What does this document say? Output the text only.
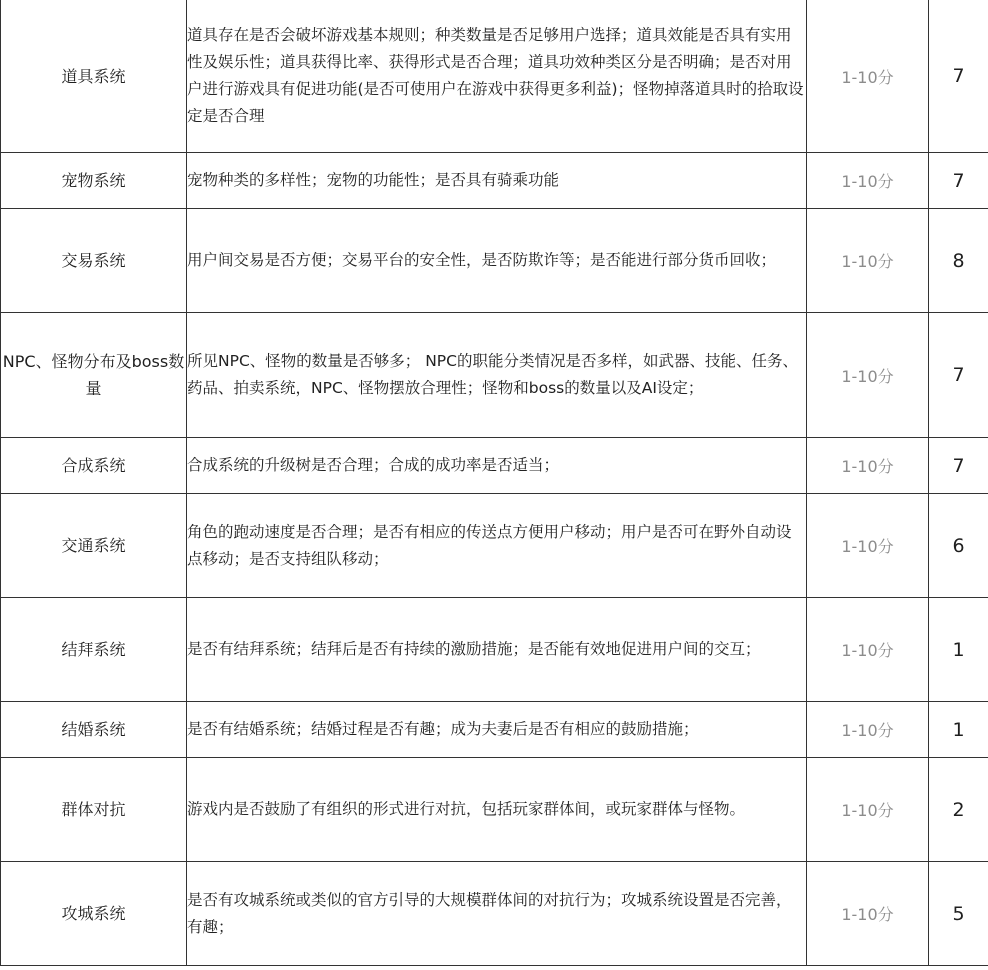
道具系统	道具存在是否会破坏游戏基本规则；种类数量是否足够用户选择；道具效能是否具有实用性及娱乐性；道具获得比率、获得形式是否合理；道具功效种类区分是否明确；是否对用户进行游戏具有促进功能(是否可使用户在游戏中获得更多利益)；怪物掉落道具时的拾取设定是否合理	1-10分	7
宠物系统	宠物种类的多样性；宠物的功能性；是否具有骑乘功能	1-10分	7
交易系统	用户间交易是否方便；交易平台的安全性，是否防欺诈等；是否能进行部分货币回收；	1-10分	8
NPC、怪物分布及boss数量	所见NPC、怪物的数量是否够多； NPC的职能分类情况是否多样，如武器、技能、任务、药品、拍卖系统，NPC、怪物摆放合理性；怪物和boss的数量以及AI设定；	1-10分	7
合成系统	合成系统的升级树是否合理；合成的成功率是否适当；	1-10分	7
交通系统	角色的跑动速度是否合理；是否有相应的传送点方便用户移动；用户是否可在野外自动设点移动；是否支持组队移动；	1-10分	6
结拜系统	是否有结拜系统；结拜后是否有持续的激励措施；是否能有效地促进用户间的交互；	1-10分	1
结婚系统	是否有结婚系统；结婚过程是否有趣；成为夫妻后是否有相应的鼓励措施；	1-10分	1
群体对抗	游戏内是否鼓励了有组织的形式进行对抗，包括玩家群体间，或玩家群体与怪物。	1-10分	2
攻城系统	是否有攻城系统或类似的官方引导的大规模群体间的对抗行为；攻城系统设置是否完善，有趣；	1-10分	5
